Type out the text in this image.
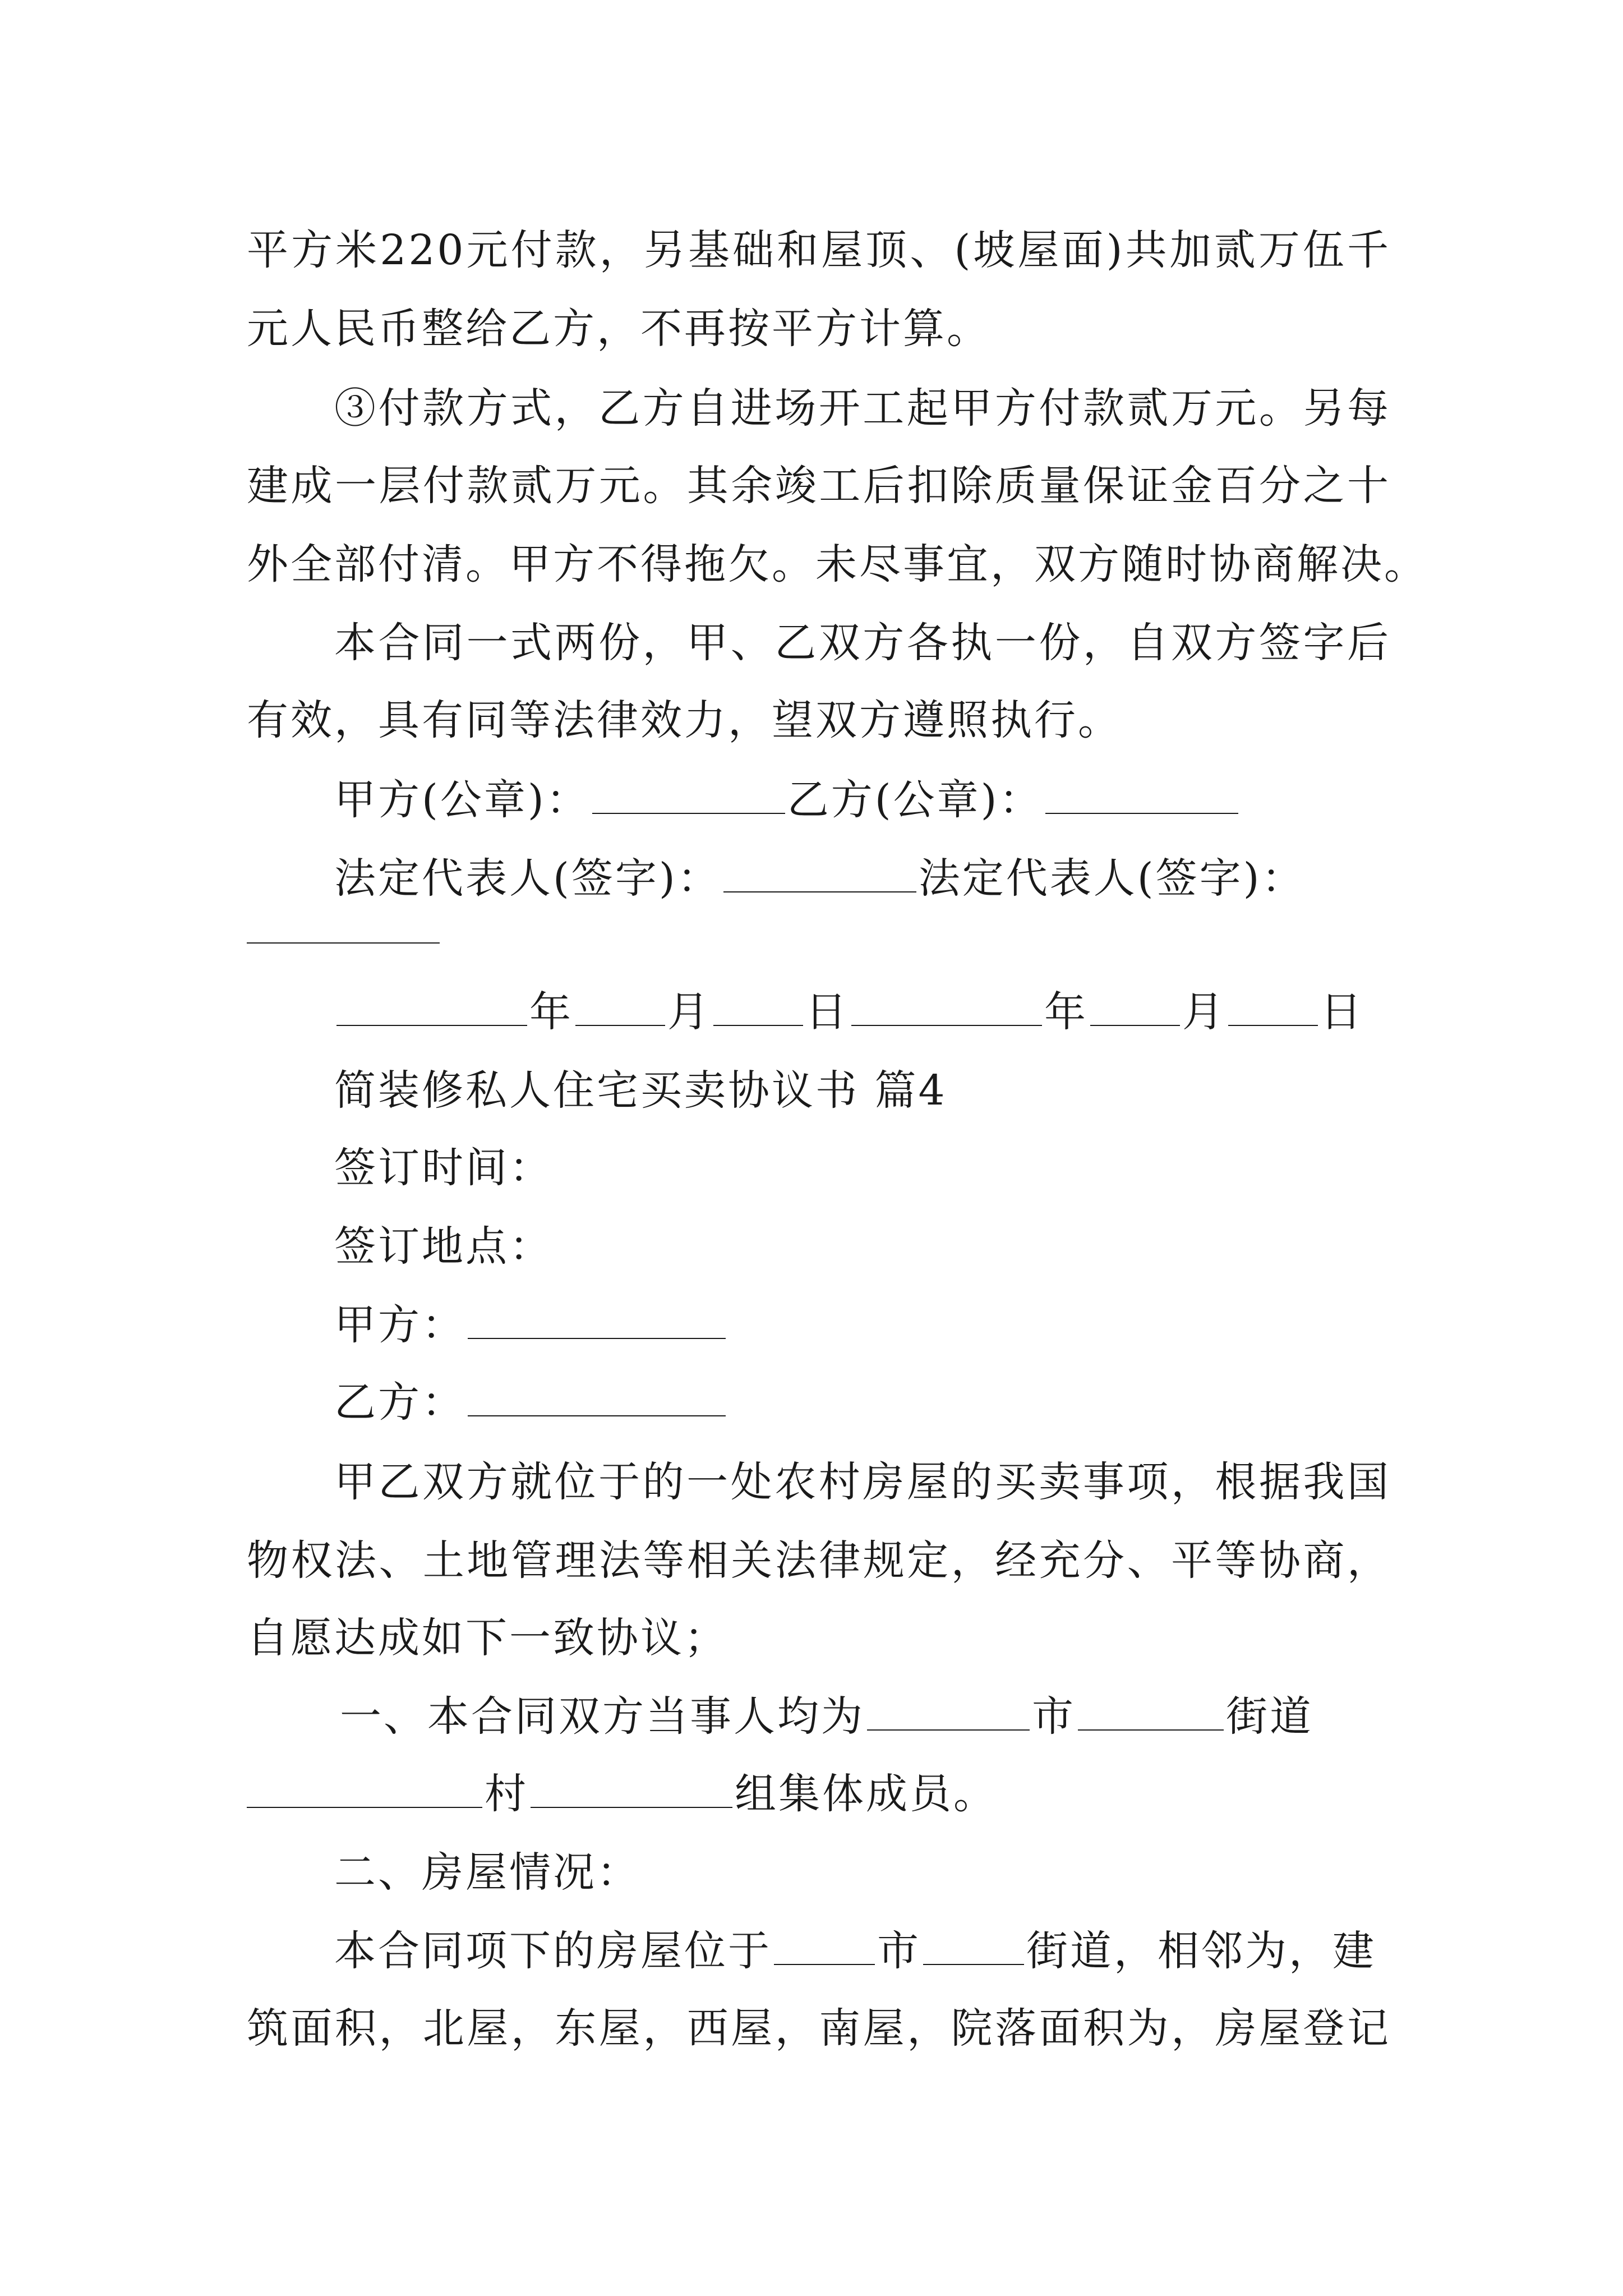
平方米220元付款，另基础和屋顶、(坡屋面)共加贰万伍千
元人民币整给乙方，不再按平方计算。
③付款方式，乙方自进场开工起甲方付款贰万元。另每
建成一层付款贰万元。其余竣工后扣除质量保证金百分之十
外全部付清。甲方不得拖欠。未尽事宜，双方随时协商解决。
本合同一式两份，甲、乙双方各执一份，自双方签字后
有效，具有同等法律效力，望双方遵照执行。
甲方(公章)：	乙方(公章)：
法定代表人(签字)：	法定代表人(签字)：
年 月 日	年 月 日
简装修私人住宅买卖协议书 篇4
签订时间：
签订地点：
甲方：
乙方：
甲乙双方就位于的一处农村房屋的买卖事项，根据我国
物权法、土地管理法等相关法律规定，经充分、平等协商，
自愿达成如下一致协议；
一、本合同双方当事人均为	市	街道
村	组集体成员。
二、房屋情况：
本合同项下的房屋位于	市	街道，相邻为，建
筑面积，北屋，东屋，西屋，南屋，院落面积为，房屋登记
